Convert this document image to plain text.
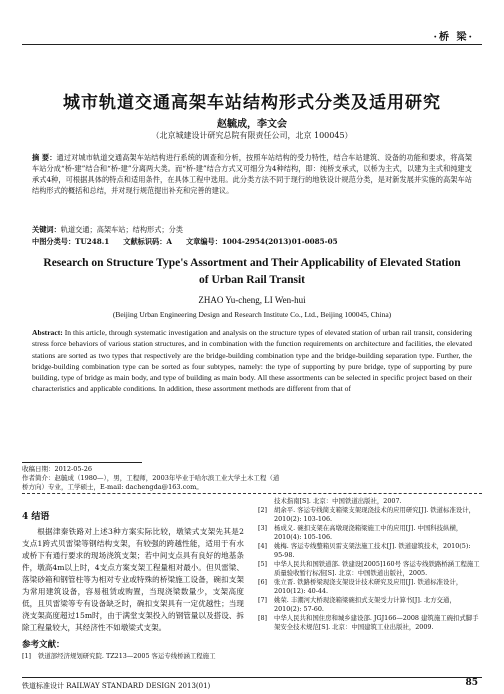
·桥 梁·
城市轨道交通高架车站结构形式分类及适用研究
赵毓成，李文会
（北京城建设计研究总院有限责任公司，北京 100045）
摘 要：通过对城市轨道交通高架车站结构进行系统的调查和分析，按照车站结构的受力特性，结合车站建筑、设备的功能和要求，将高架车站分成“桥-建”结合和“桥-建”分离两大类。而“桥-建”结合方式又可细分为4种结构，即：纯桥支承式，以桥为主式，以建为主式和纯建支承式4种，可根据具体的特点和适用条件，在具体工程中选用。此分类方法不同于现行的地铁设计规范分类，是对新发展并实施的高架车站结构形式的概括和总结，并对现行规范提出补充和完善的建议。
关键词：轨道交通；高架车站；结构形式；分类
中图分类号：TU248.1 文献标识码：A 文章编号：1004-2954(2013)01-0085-05
Research on Structure Type's Assortment and Their Applicability of Elevated Station of Urban Rail Transit
ZHAO Yu-cheng, LI Wen-hui
(Beijing Urban Engineering Design and Research Institute Co., Ltd., Beijing 100045, China)
Abstract: In this article, through systematic investigation and analysis on the structure types of elevated station of urban rail transit, considering stress force behaviors of various station structures, and in combination with the function requirements on architecture and facilities, the elevated stations are sorted as two types that respectively are the bridge-building combination type and the bridge-building separation type. Further, the bridge-building combination type can be sorted as four subtypes, namely: the type of supporting by pure bridge, type of supporting by pure building, type of bridge as main body, and type of building as main body. All these assortments can be selected in specific project based on their characteristics and applicable conditions. In addition, these assortment methods are different from that of
收稿日期：2012-05-26
作者简介：赵毓成（1980—），男，工程师，2003年毕业于哈尔滨工业大学土木工程（道桥方向）专业，工学硕士，E-mail: dachengda@163.com。
4 结语

根据津秦铁路对上述3种方案实际比较，墩梁式支架先其是2支点1跨式贝雷梁等钢结构支架，有较强的跨越性能，适用于有水或桥下有通行要求的现场浇筑支架；若中间支点具有良好的地基条件，墩高4m以上时，4支点方案支架工程量相对最小。但贝雷梁、落梁砂箱和钢管柱等为相对专业或特殊的桥梁施工设备，碗扣支架为常用建筑设备，容易租赁或购置，当现浇梁数量少，支架高度低，且贝雷梁等专有设备缺乏时，碗扣支架具有一定优越性；当现浇支架高度超过15m时，由于满堂支架投入的钢管量以及搭设、拆除工程量较大，其经济性不如墩梁式支架。

参考文献：
[1]	铁道部经济规划研究院. TZ213—2005 客运专线桥涵工程施工
技术指南[S]. 北京：中国铁道出版社，2007.
[2]	胡余平. 客运专线简支箱梁支架现浇技术的应用研究[J]. 铁道标准设计，2010(2): 103-106.
[3]	杨成义. 碗扣支架在高墩现浇箱梁施工中的应用[J]. 中国科技纵横，2010(4): 105-106.
[4]	姚梅. 客运专线整箱贝雷支架法施工技术[J]. 铁道建筑技术，2010(5): 95-98.
[5]	中华人民共和国铁道部. 铁建设[2005]160号 客运专线铁路桥涵工程施工质量验收暂行标准[S]. 北京：中国铁道出版社，2005.
[6]	张立晋. 铁路桥梁现浇支架设计技术研究及应用[J]. 铁道标准设计，2010(12): 40-44.
[7]	姚荣. 丰潮河大桥现浇箱梁碗扣式支架受力计算书[J]. 北方交通，2010(2): 57-60.
[8]	中华人民共和国住房和城乡建设部. JGJ166—2008 建筑施工碗扣式脚手架安全技术规范[S]. 北京：中国建筑工业出版社，2009.
铁道标准设计 RAILWAY STANDARD DESIGN 2013(01)	85
